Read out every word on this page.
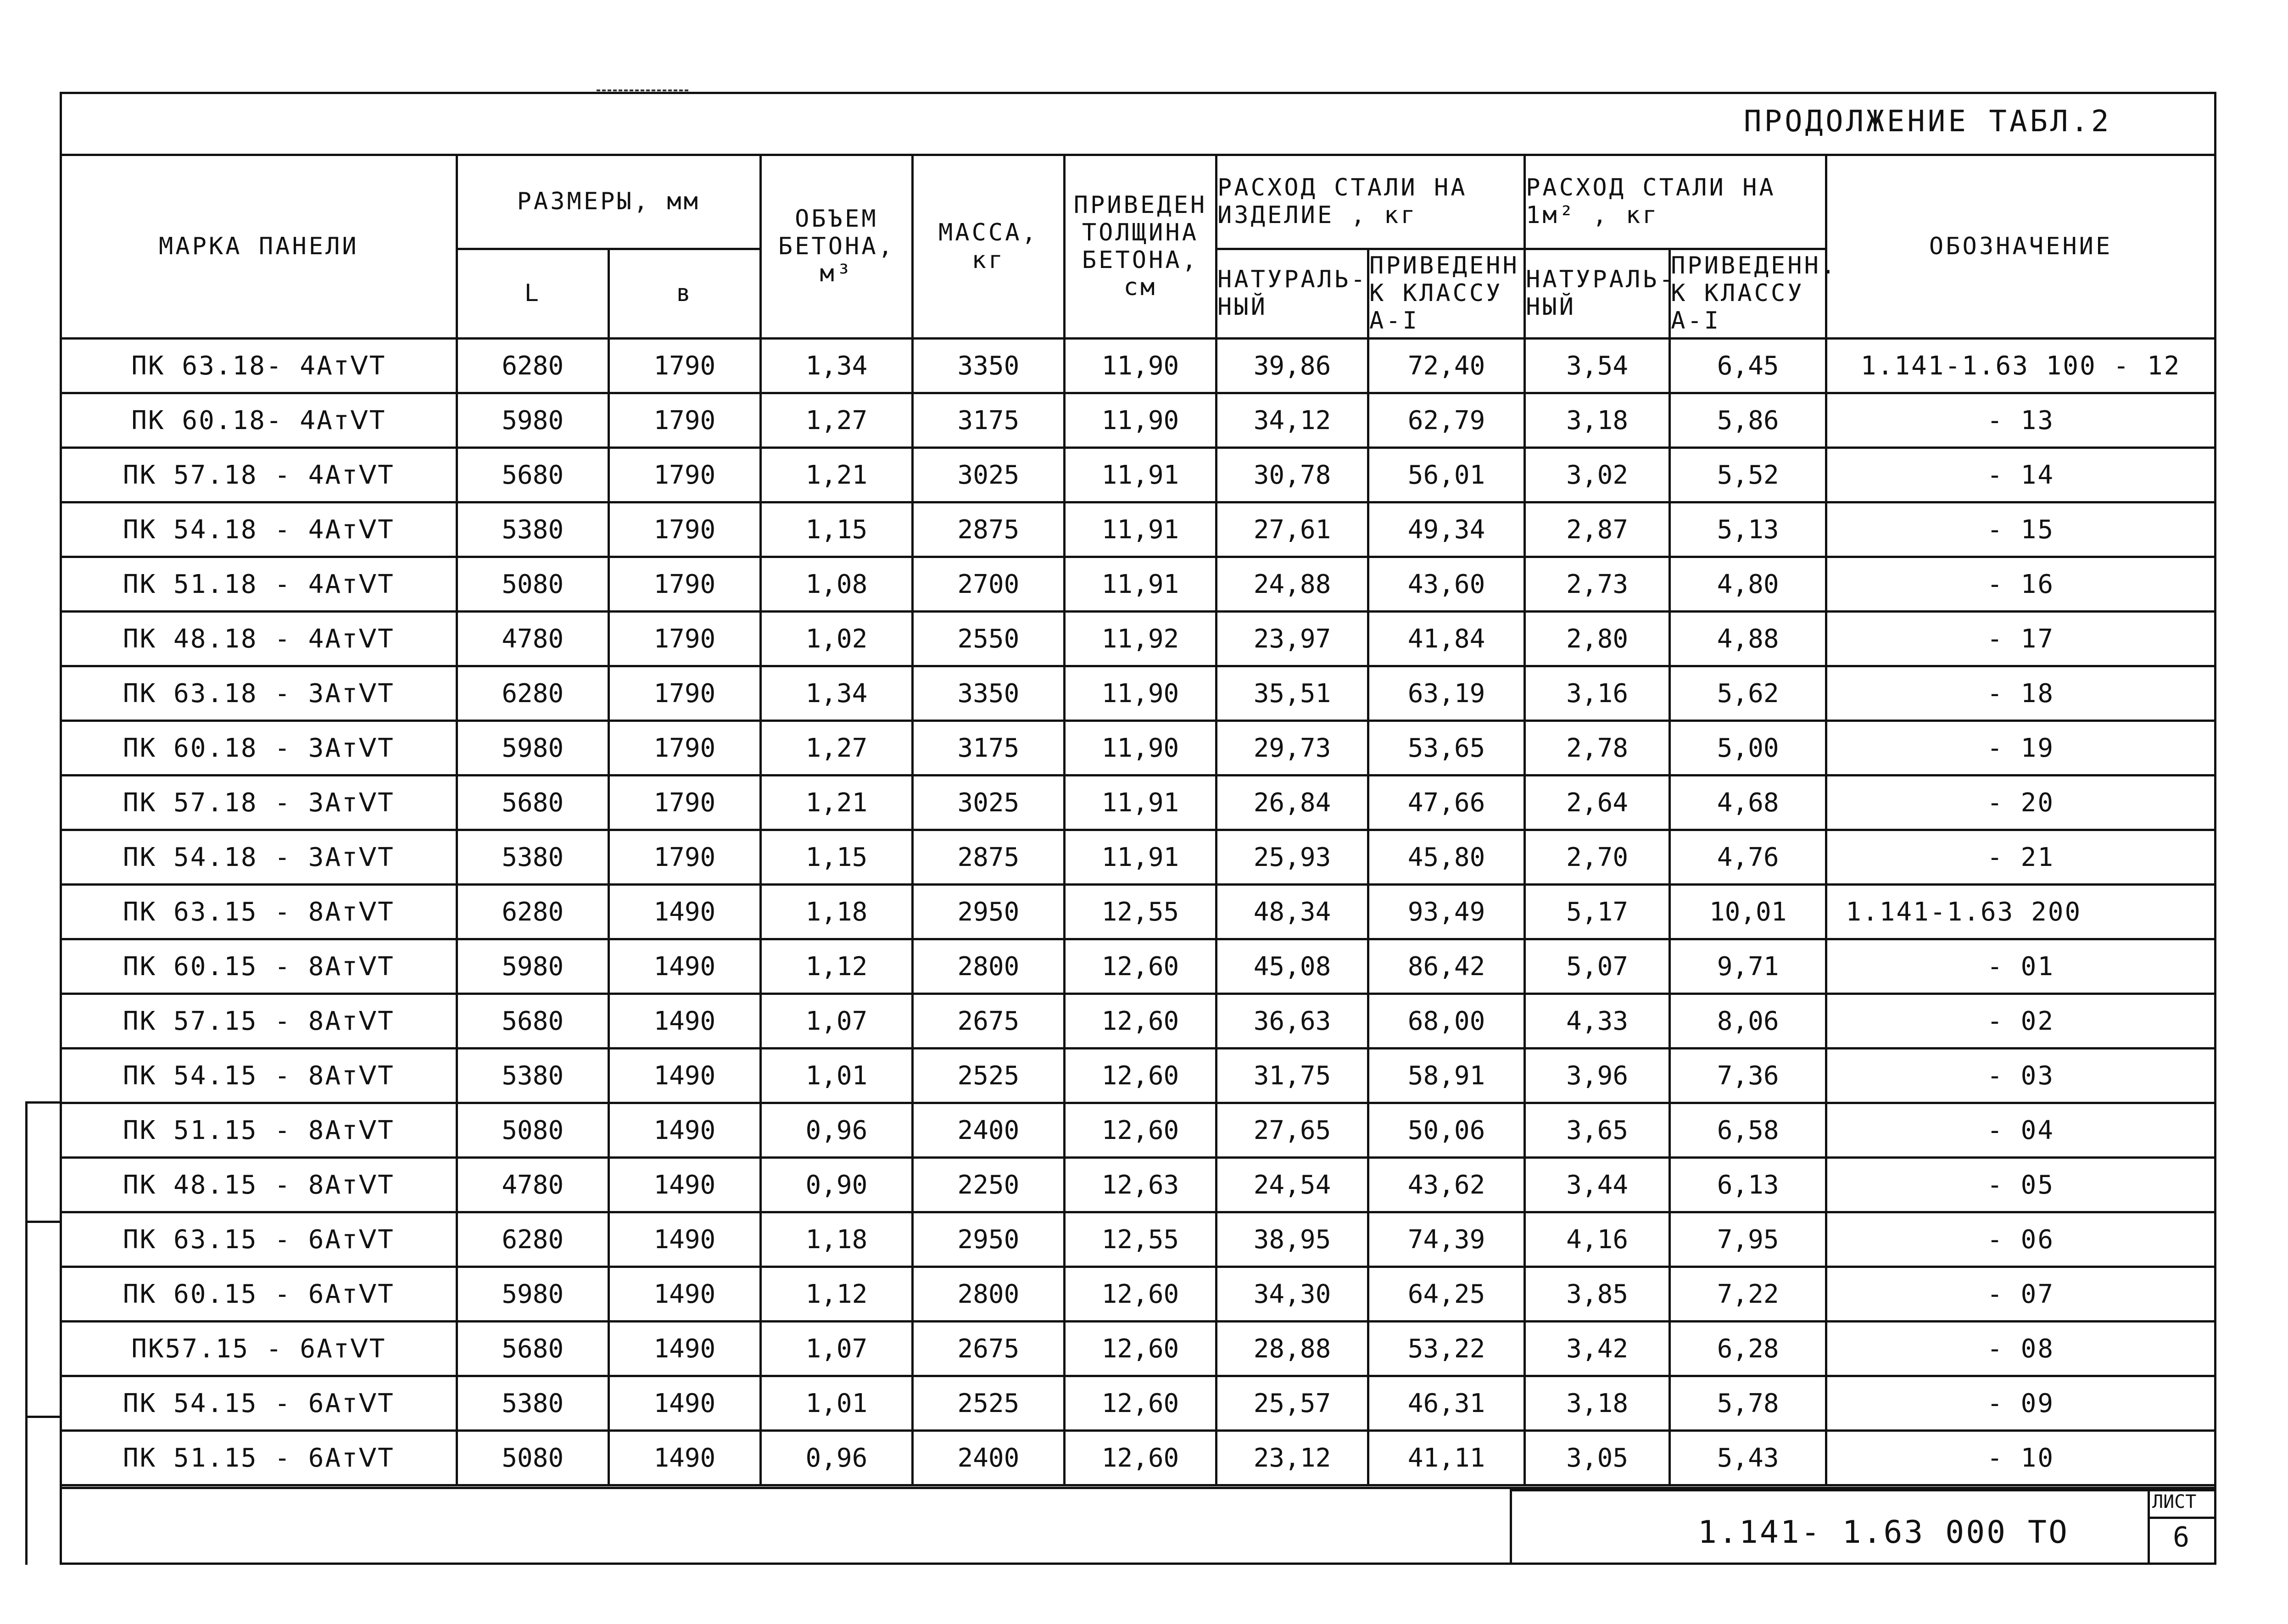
ПРОДОЛЖЕНИЕ ТАБЛ.2
МАРКА ПАНЕЛИ	РАЗМЕРЫ, мм		ОБЪЕМ БЕТОНА, м³	МАССА, кг	ПРИВЕДЕН ТОЛЩИНА БЕТОНА, см	РАСХОД СТАЛИ НА ИЗДЕЛИЕ , кг		РАСХОД СТАЛИ НА 1м² , кг		ОБОЗНАЧЕНИЕ
	L	в				НАТУРАЛЬ-НЫЙ	ПРИВЕДЕНН К КЛАССУ А-I	НАТУРАЛЬ-НЫЙ	ПРИВЕДЕНН. К КЛАССУ А-I	
ПК 63.18- 4АтⅤТ	6280	1790	1,34	3350	11,90	39,86	72,40	3,54	6,45	1.141-1.63 100 - 12
ПК 60.18- 4АтⅤТ	5980	1790	1,27	3175	11,90	34,12	62,79	3,18	5,86	- 13
ПК 57.18 - 4АтⅤТ	5680	1790	1,21	3025	11,91	30,78	56,01	3,02	5,52	- 14
ПК 54.18 - 4АтⅤТ	5380	1790	1,15	2875	11,91	27,61	49,34	2,87	5,13	- 15
ПК 51.18 - 4АтⅤТ	5080	1790	1,08	2700	11,91	24,88	43,60	2,73	4,80	- 16
ПК 48.18 - 4АтⅤТ	4780	1790	1,02	2550	11,92	23,97	41,84	2,80	4,88	- 17
ПК 63.18 - 3АтⅤТ	6280	1790	1,34	3350	11,90	35,51	63,19	3,16	5,62	- 18
ПК 60.18 - 3АтⅤТ	5980	1790	1,27	3175	11,90	29,73	53,65	2,78	5,00	- 19
ПК 57.18 - 3АтⅤТ	5680	1790	1,21	3025	11,91	26,84	47,66	2,64	4,68	- 20
ПК 54.18 - 3АтⅤТ	5380	1790	1,15	2875	11,91	25,93	45,80	2,70	4,76	- 21
ПК 63.15 - 8АтⅤТ	6280	1490	1,18	2950	12,55	48,34	93,49	5,17	10,01	1.141-1.63 200
ПК 60.15 - 8АтⅤТ	5980	1490	1,12	2800	12,60	45,08	86,42	5,07	9,71	- 01
ПК 57.15 - 8АтⅤТ	5680	1490	1,07	2675	12,60	36,63	68,00	4,33	8,06	- 02
ПК 54.15 - 8АтⅤТ	5380	1490	1,01	2525	12,60	31,75	58,91	3,96	7,36	- 03
ПК 51.15 - 8АтⅤТ	5080	1490	0,96	2400	12,60	27,65	50,06	3,65	6,58	- 04
ПК 48.15 - 8АтⅤТ	4780	1490	0,90	2250	12,63	24,54	43,62	3,44	6,13	- 05
ПК 63.15 - 6АтⅤТ	6280	1490	1,18	2950	12,55	38,95	74,39	4,16	7,95	- 06
ПК 60.15 - 6АтⅤТ	5980	1490	1,12	2800	12,60	34,30	64,25	3,85	7,22	- 07
ПК57.15 - 6АтⅤТ	5680	1490	1,07	2675	12,60	28,88	53,22	3,42	6,28	- 08
ПК 54.15 - 6АтⅤТ	5380	1490	1,01	2525	12,60	25,57	46,31	3,18	5,78	- 09
ПК 51.15 - 6АтⅤТ	5080	1490	0,96	2400	12,60	23,12	41,11	3,05	5,43	- 10
1.141- 1.63 000 ТО
ЛИСТ
6
